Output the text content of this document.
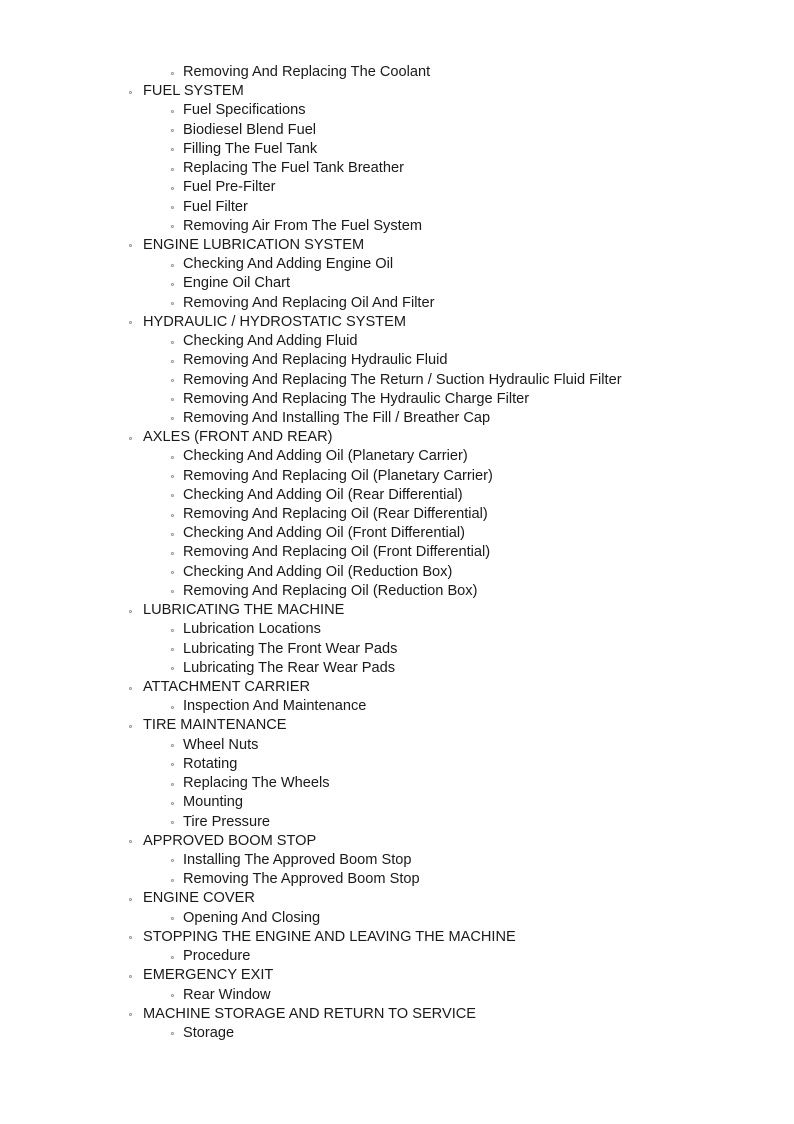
Removing And Replacing The Coolant
FUEL SYSTEM
Fuel Specifications
Biodiesel Blend Fuel
Filling The Fuel Tank
Replacing The Fuel Tank Breather
Fuel Pre-Filter
Fuel Filter
Removing Air From The Fuel System
ENGINE LUBRICATION SYSTEM
Checking And Adding Engine Oil
Engine Oil Chart
Removing And Replacing Oil And Filter
HYDRAULIC / HYDROSTATIC SYSTEM
Checking And Adding Fluid
Removing And Replacing Hydraulic Fluid
Removing And Replacing The Return / Suction Hydraulic Fluid Filter
Removing And Replacing The Hydraulic Charge Filter
Removing And Installing The Fill / Breather Cap
AXLES (FRONT AND REAR)
Checking And Adding Oil (Planetary Carrier)
Removing And Replacing Oil (Planetary Carrier)
Checking And Adding Oil (Rear Differential)
Removing And Replacing Oil (Rear Differential)
Checking And Adding Oil (Front Differential)
Removing And Replacing Oil (Front Differential)
Checking And Adding Oil (Reduction Box)
Removing And Replacing Oil (Reduction Box)
LUBRICATING THE MACHINE
Lubrication Locations
Lubricating The Front Wear Pads
Lubricating The Rear Wear Pads
ATTACHMENT CARRIER
Inspection And Maintenance
TIRE MAINTENANCE
Wheel Nuts
Rotating
Replacing The Wheels
Mounting
Tire Pressure
APPROVED BOOM STOP
Installing The Approved Boom Stop
Removing The Approved Boom Stop
ENGINE COVER
Opening And Closing
STOPPING THE ENGINE AND LEAVING THE MACHINE
Procedure
EMERGENCY EXIT
Rear Window
MACHINE STORAGE AND RETURN TO SERVICE
Storage
